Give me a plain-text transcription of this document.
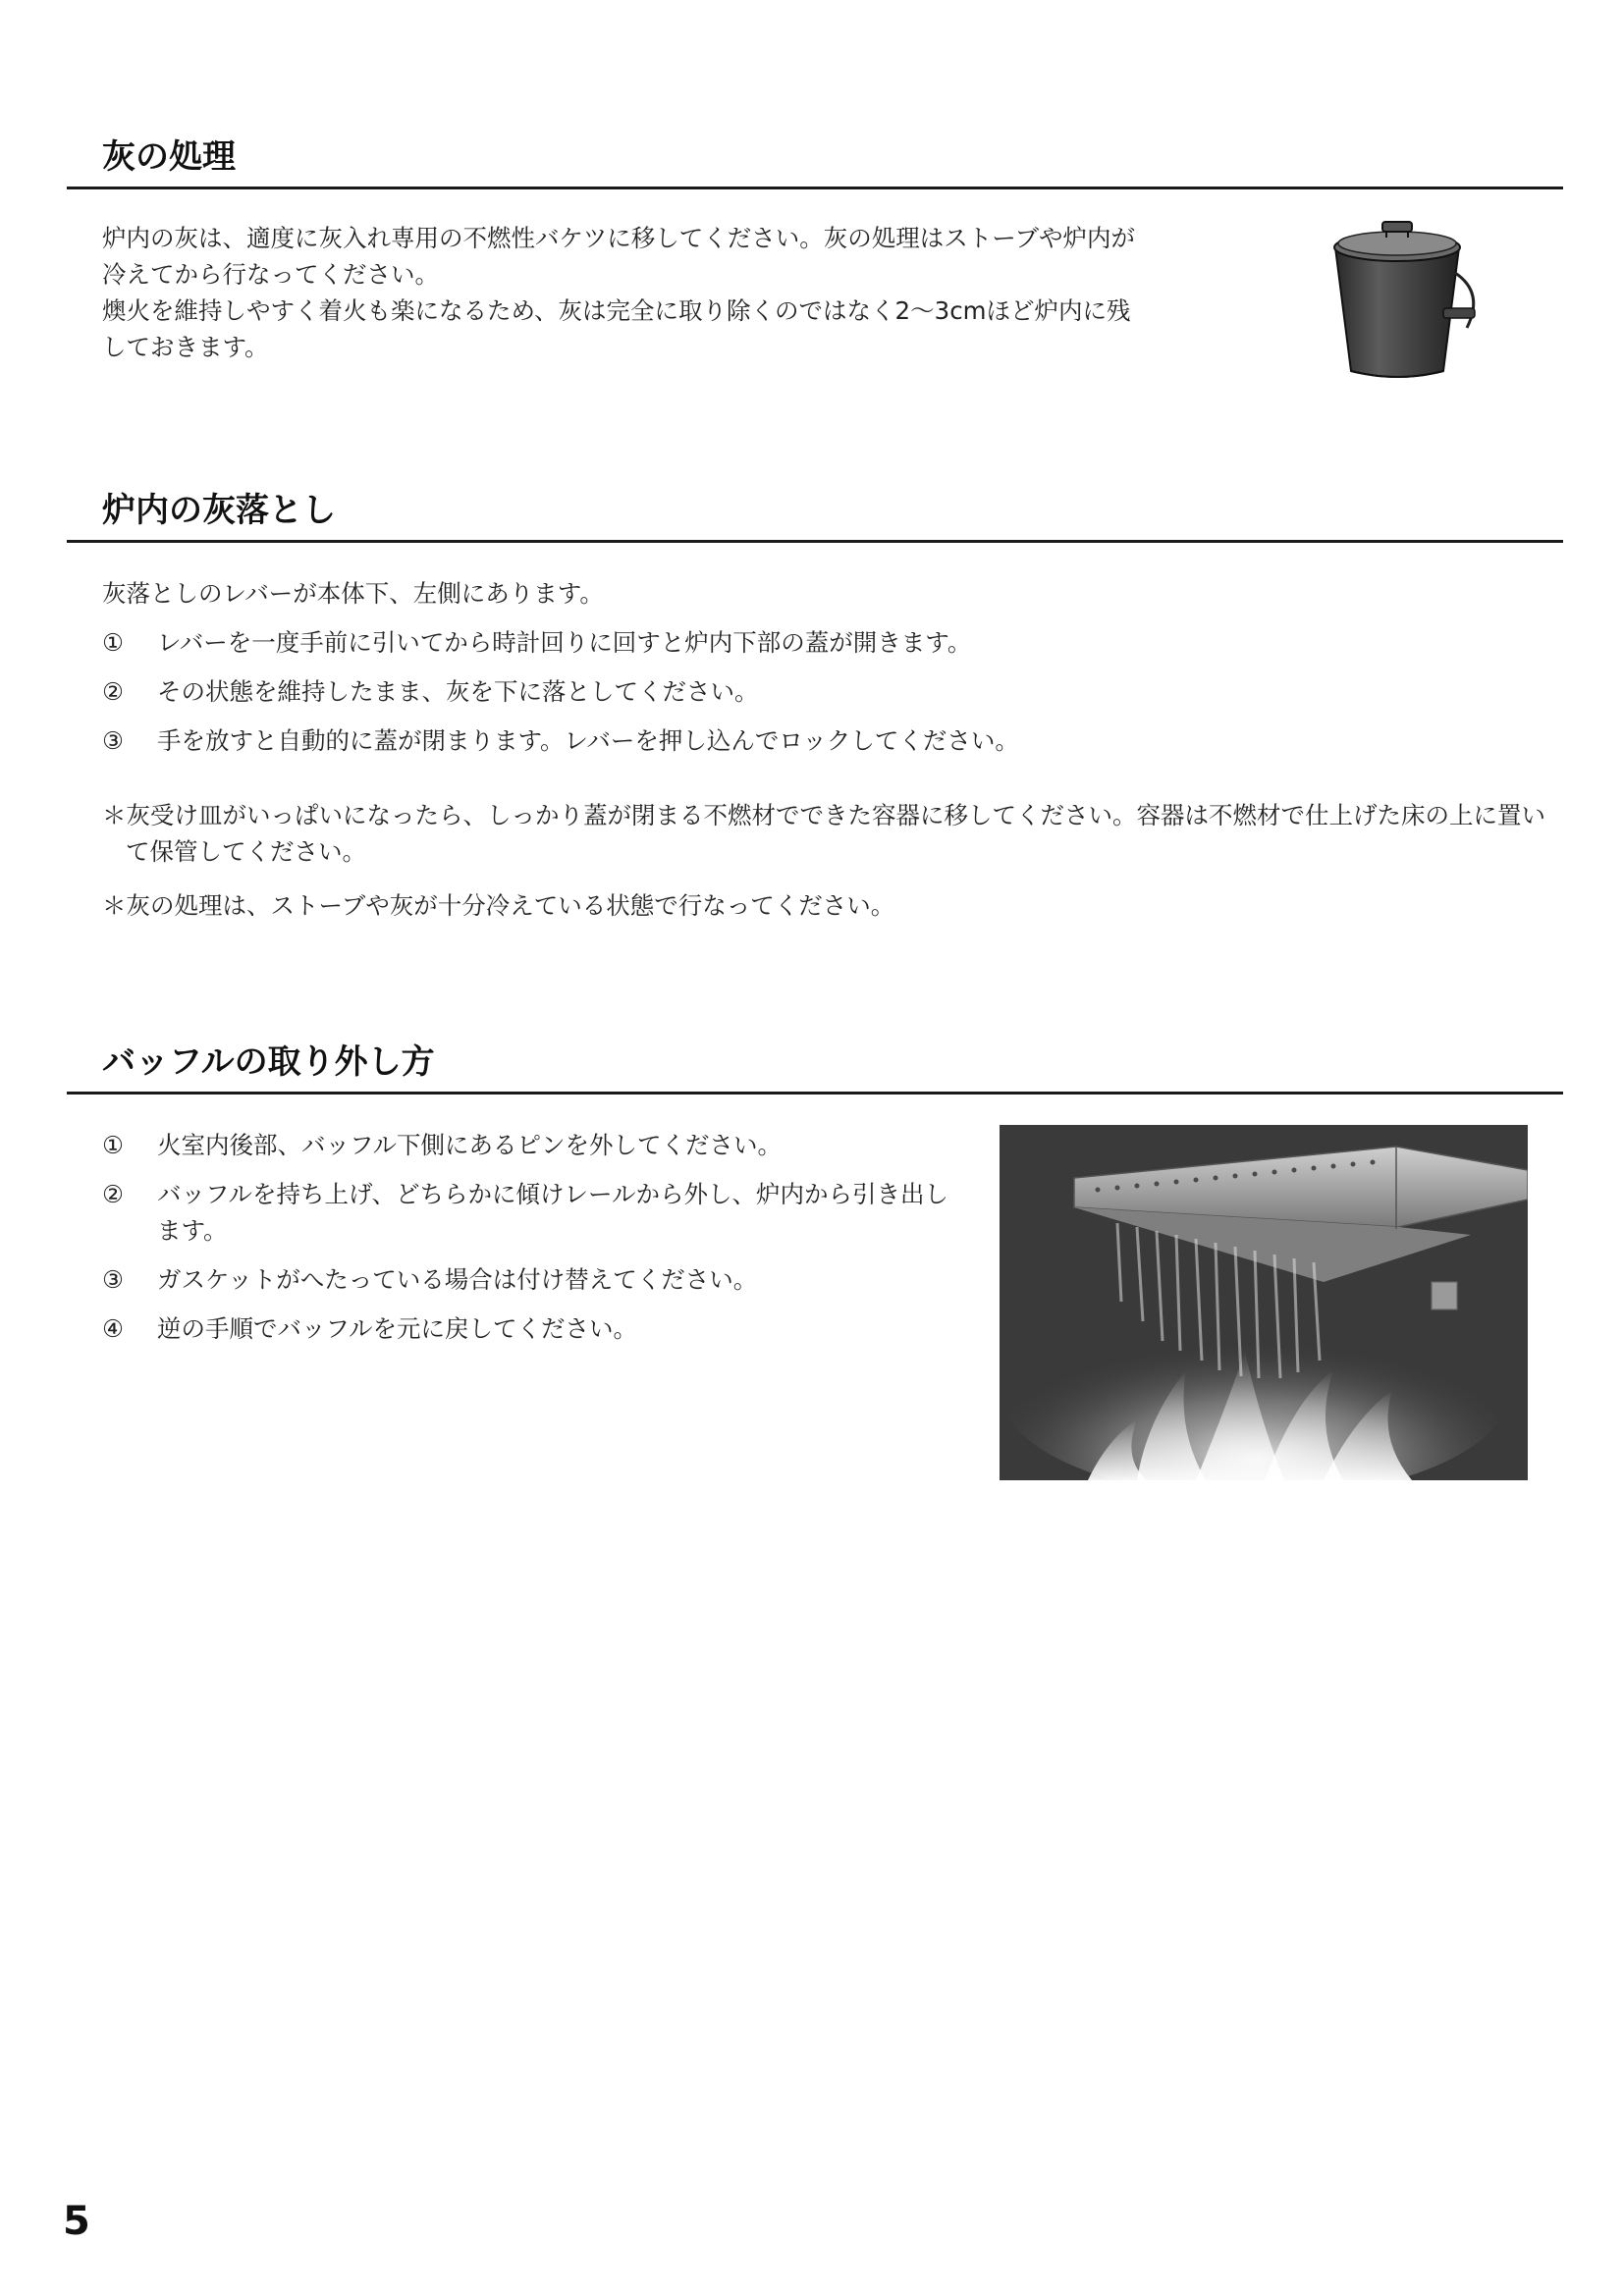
灰の処理

炉内の灰は、適度に灰入れ専用の不燃性バケツに移してください。灰の処理はストーブや炉内が
冷えてから行なってください。
燠火を維持しやすく着火も楽になるため、灰は完全に取り除くのではなく2〜3cmほど炉内に残
しておきます。

炉内の灰落とし

灰落としのレバーが本体下、左側にあります。

① レバーを一度手前に引いてから時計回りに回すと炉内下部の蓋が開きます。
② その状態を維持したまま、灰を下に落としてください。
③ 手を放すと自動的に蓋が閉まります。レバーを押し込んでロックしてください。

＊灰受け皿がいっぱいになったら、しっかり蓋が閉まる不燃材でできた容器に移してください。容器は不燃材で仕上げた床の上に置いて保管してください。

＊灰の処理は、ストーブや灰が十分冷えている状態で行なってください。

バッフルの取り外し方
① 火室内後部、バッフル下側にあるピンを外してください。
② バッフルを持ち上げ、どちらかに傾けレールから外し、炉内から引き出します。
③ ガスケットがへたっている場合は付け替えてください。
④ 逆の手順でバッフルを元に戻してください。
5
